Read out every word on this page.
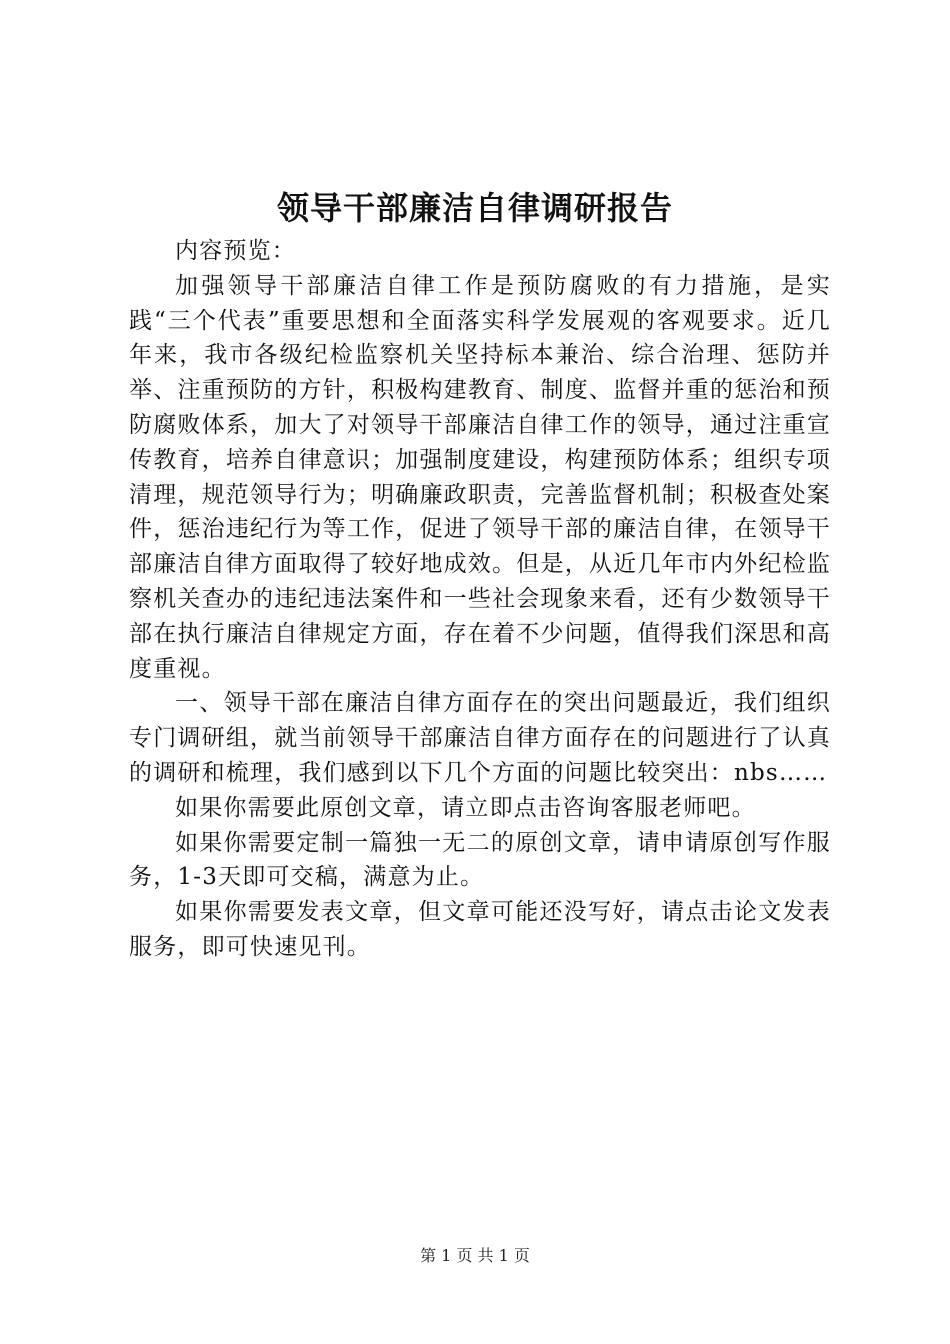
领导干部廉洁自律调研报告

内容预览：

加强领导干部廉洁自律工作是预防腐败的有力措施，是实践“三个代表”重要思想和全面落实科学发展观的客观要求。近几年来，我市各级纪检监察机关坚持标本兼治、综合治理、惩防并举、注重预防的方针，积极构建教育、制度、监督并重的惩治和预防腐败体系，加大了对领导干部廉洁自律工作的领导，通过注重宣传教育，培养自律意识；加强制度建设，构建预防体系；组织专项清理，规范领导行为；明确廉政职责，完善监督机制；积极查处案件，惩治违纪行为等工作，促进了领导干部的廉洁自律，在领导干部廉洁自律方面取得了较好地成效。但是，从近几年市内外纪检监察机关查办的违纪违法案件和一些社会现象来看，还有少数领导干部在执行廉洁自律规定方面，存在着不少问题，值得我们深思和高度重视。

一、领导干部在廉洁自律方面存在的突出问题最近，我们组织专门调研组，就当前领导干部廉洁自律方面存在的问题进行了认真的调研和梳理，我们感到以下几个方面的问题比较突出：nbs……

如果你需要此原创文章，请立即点击咨询客服老师吧。

如果你需要定制一篇独一无二的原创文章，请申请原创写作服务，1-3天即可交稿，满意为止。

如果你需要发表文章，但文章可能还没写好，请点击论文发表服务，即可快速见刊。

第 1 页 共 1 页
